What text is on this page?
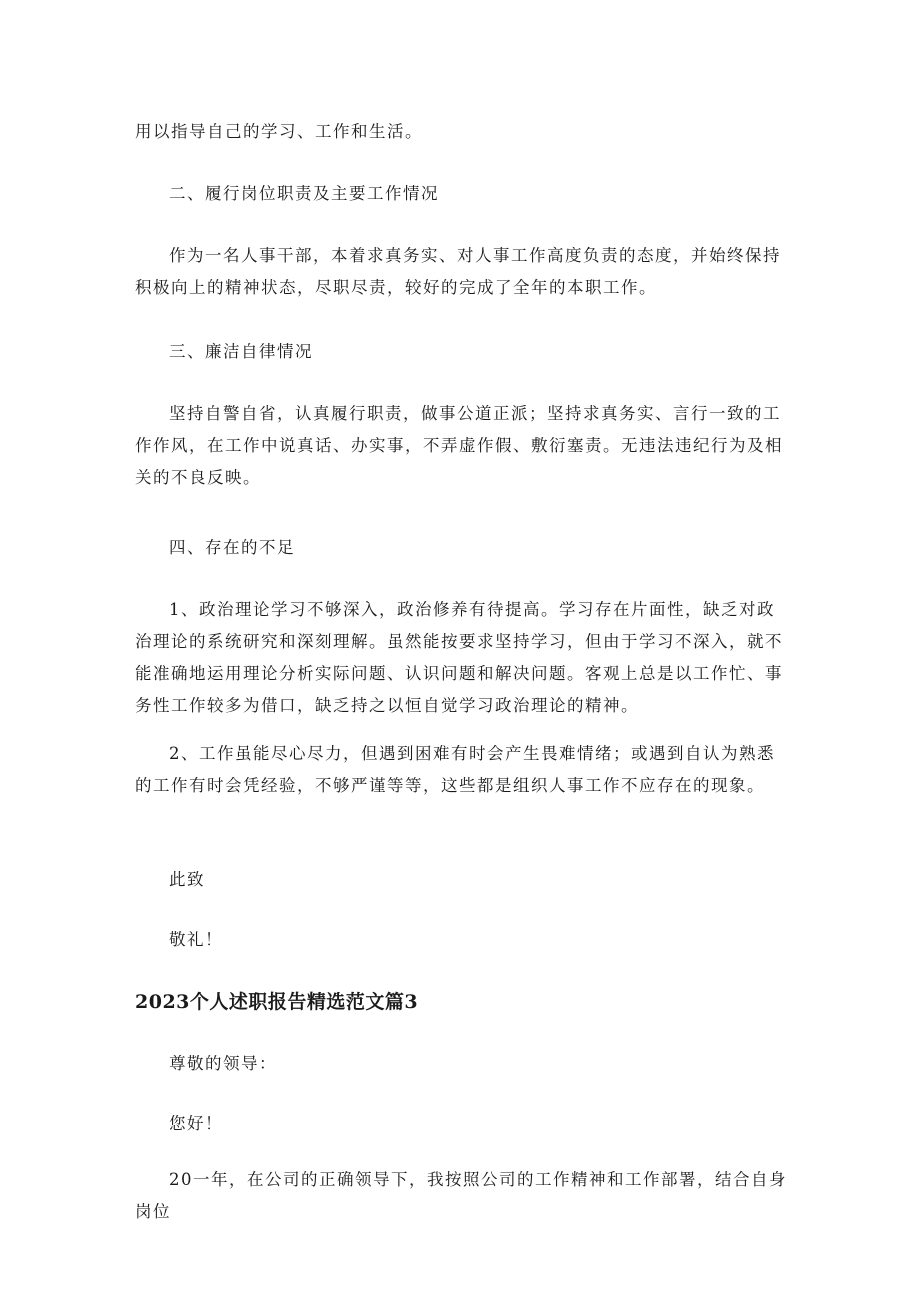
用以指导自己的学习、工作和生活。

二、履行岗位职责及主要工作情况

作为一名人事干部，本着求真务实、对人事工作高度负责的态度，并始终保持积极向上的精神状态，尽职尽责，较好的完成了全年的本职工作。

三、廉洁自律情况

坚持自警自省，认真履行职责，做事公道正派；坚持求真务实、言行一致的工作作风，在工作中说真话、办实事，不弄虚作假、敷衍塞责。无违法违纪行为及相关的不良反映。

四、存在的不足

1、政治理论学习不够深入，政治修养有待提高。学习存在片面性，缺乏对政治理论的系统研究和深刻理解。虽然能按要求坚持学习，但由于学习不深入，就不能准确地运用理论分析实际问题、认识问题和解决问题。客观上总是以工作忙、事务性工作较多为借口，缺乏持之以恒自觉学习政治理论的精神。

2、工作虽能尽心尽力，但遇到困难有时会产生畏难情绪；或遇到自认为熟悉的工作有时会凭经验，不够严谨等等，这些都是组织人事工作不应存在的现象。

此致

敬礼！

2023个人述职报告精选范文篇3

尊敬的领导：

您好！

20一年，在公司的正确领导下，我按照公司的工作精神和工作部署，结合自身岗位
